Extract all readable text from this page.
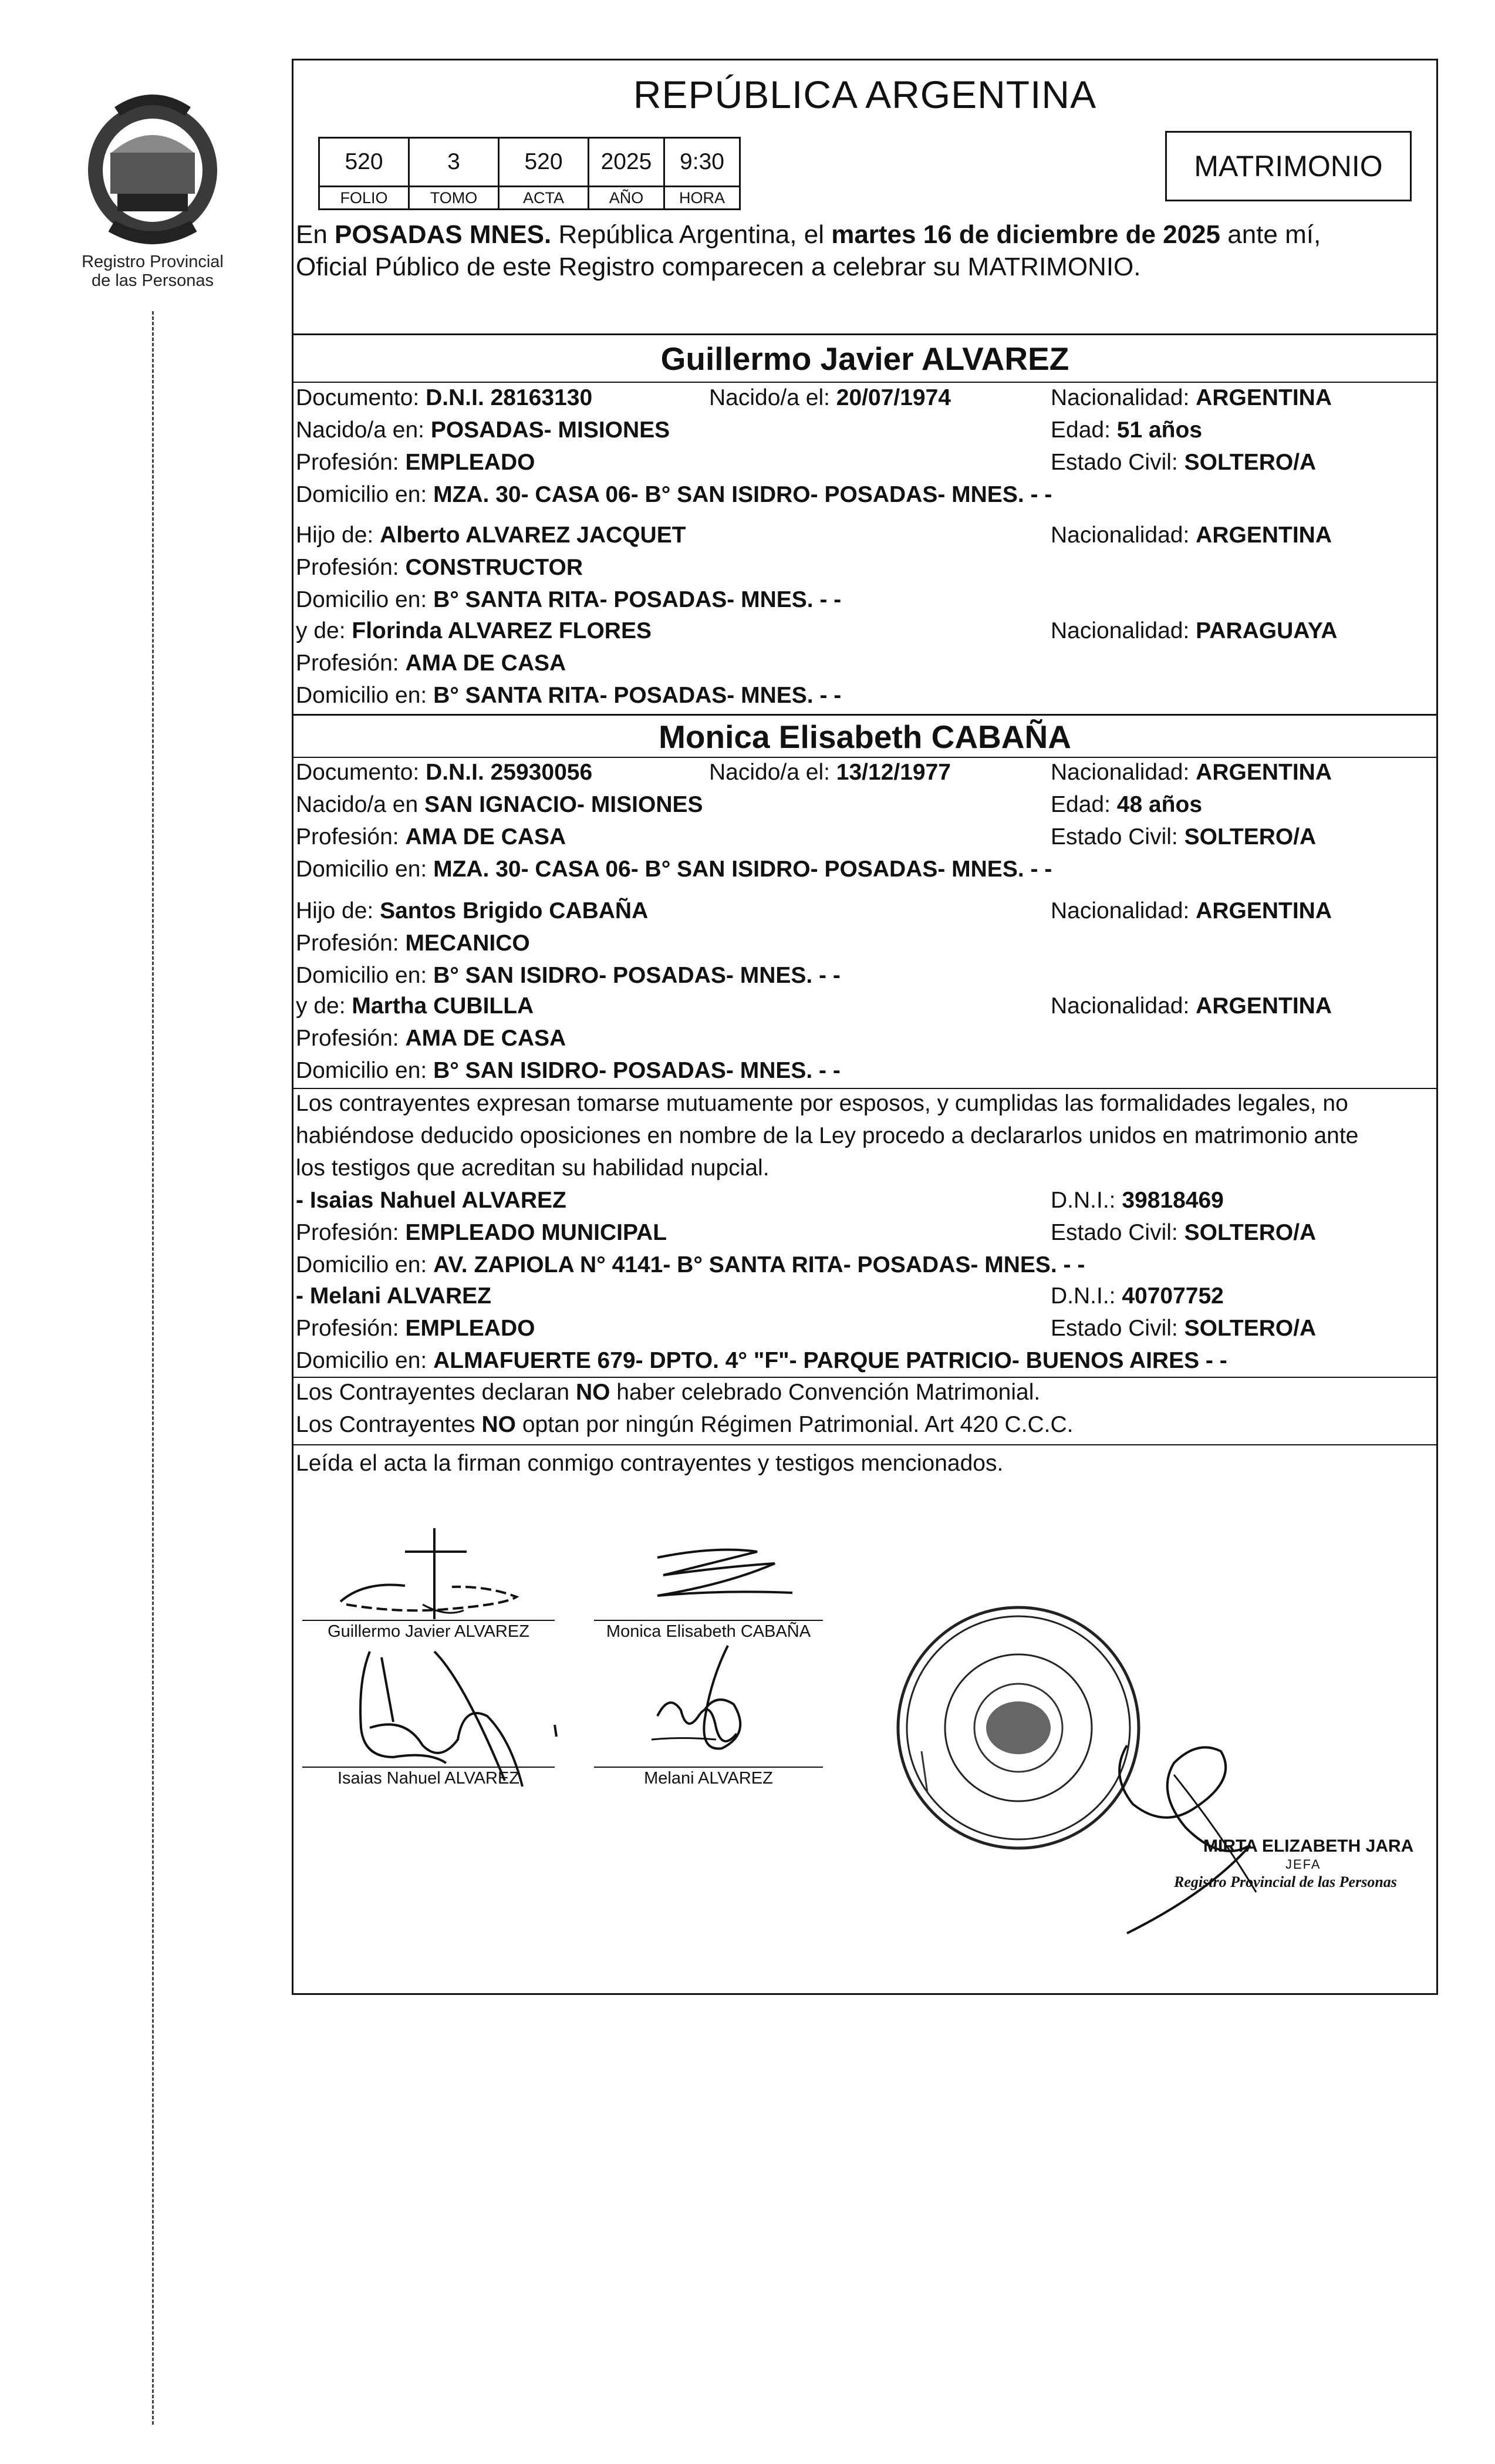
Registro Provincial
de las Personas
REPÚBLICA ARGENTINA
520	3	520	2025	9:30
FOLIO	TOMO	ACTA	AÑO	HORA
MATRIMONIO
En POSADAS MNES. República Argentina, el martes 16 de diciembre de 2025 ante mí,
Oficial Público de este Registro comparecen a celebrar su MATRIMONIO.
Guillermo Javier ALVAREZ
Documento: D.N.I. 28163130	Nacido/a el: 20/07/1974	Nacionalidad: ARGENTINA
Nacido/a en: POSADAS- MISIONES	Edad: 51 años
Profesión: EMPLEADO	Estado Civil: SOLTERO/A
Domicilio en: MZA. 30- CASA 06- B° SAN ISIDRO- POSADAS- MNES. - -
Hijo de: Alberto ALVAREZ JACQUET	Nacionalidad: ARGENTINA
Profesión: CONSTRUCTOR
Domicilio en: B° SANTA RITA- POSADAS- MNES. - -
y de: Florinda ALVAREZ FLORES	Nacionalidad: PARAGUAYA
Profesión: AMA DE CASA
Domicilio en: B° SANTA RITA- POSADAS- MNES. - -
Monica Elisabeth CABAÑA
Documento: D.N.I. 25930056	Nacido/a el: 13/12/1977	Nacionalidad: ARGENTINA
Nacido/a en SAN IGNACIO- MISIONES	Edad: 48 años
Profesión: AMA DE CASA	Estado Civil: SOLTERO/A
Domicilio en: MZA. 30- CASA 06- B° SAN ISIDRO- POSADAS- MNES. - -
Hijo de: Santos Brigido CABAÑA	Nacionalidad: ARGENTINA
Profesión: MECANICO
Domicilio en: B° SAN ISIDRO- POSADAS- MNES. - -
y de: Martha CUBILLA	Nacionalidad: ARGENTINA
Profesión: AMA DE CASA
Domicilio en: B° SAN ISIDRO- POSADAS- MNES. - -
Los contrayentes expresan tomarse mutuamente por esposos, y cumplidas las formalidades legales, no
habiéndose deducido oposiciones en nombre de la Ley procedo a declararlos unidos en matrimonio ante
los testigos que acreditan su habilidad nupcial.
- Isaias Nahuel ALVAREZ	D.N.I.: 39818469
Profesión: EMPLEADO MUNICIPAL	Estado Civil: SOLTERO/A
Domicilio en: AV. ZAPIOLA N° 4141- B° SANTA RITA- POSADAS- MNES. - -
- Melani ALVAREZ	D.N.I.: 40707752
Profesión: EMPLEADO	Estado Civil: SOLTERO/A
Domicilio en: ALMAFUERTE 679- DPTO. 4° "F"- PARQUE PATRICIO- BUENOS AIRES - -
Los Contrayentes declaran NO haber celebrado Convención Matrimonial.
Los Contrayentes NO optan por ningún Régimen Patrimonial. Art 420 C.C.C.
Leída el acta la firman conmigo contrayentes y testigos mencionados.
Guillermo Javier ALVAREZ	Monica Elisabeth CABAÑA
Isaias Nahuel ALVAREZ	Melani ALVAREZ
MIRTA ELIZABETH JARA
JEFA
Registro Provincial de las Personas
